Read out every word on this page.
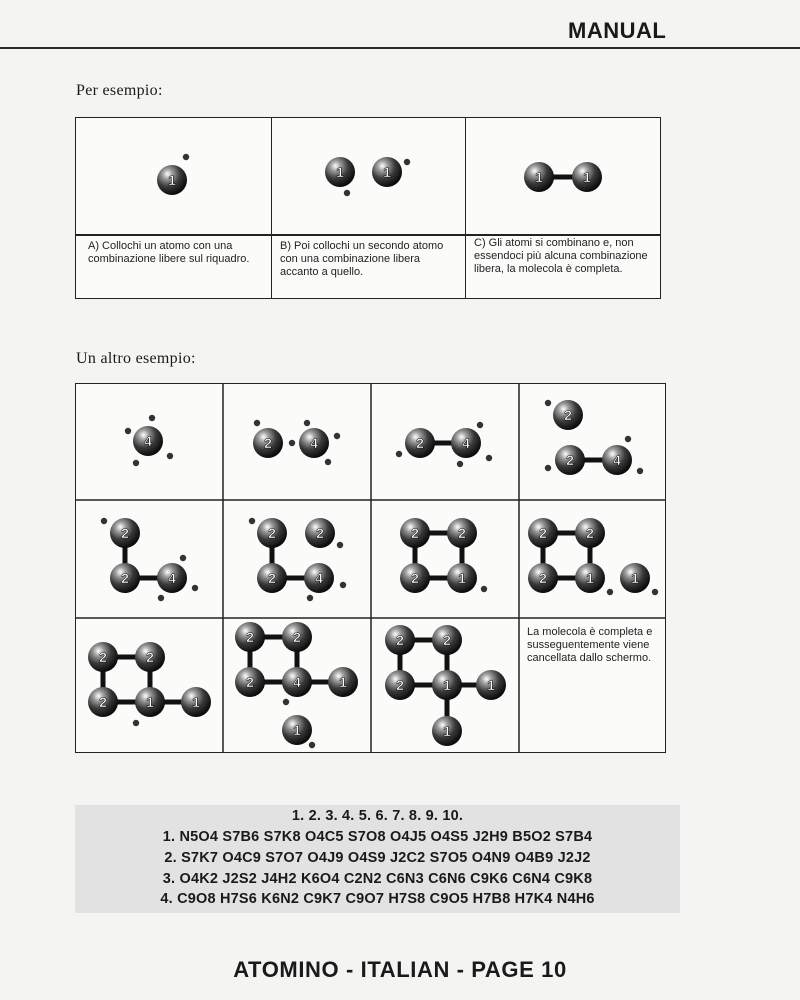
MANUAL
Per esempio:
A) Collochi un atomo con una combinazione libere sul riquadro.
B) Poi collochi un secondo atomo con una combinazione libera accanto a quello.
C) Gli atomi si combinano e, non essendoci più alcuna combinazione libera, la molecola è completa.
Un altro esempio:
La molecola è completa e susseguentemente viene cancellata dallo schermo.
1	1	1	1	1
4	2	4	2	4
2
2	4
2
2	4
2
2	4
2	2	2
2	1
2	2
2	1	1
2	2
2	1	1
2	2
2	4	1
1
2	2
2	1	1
1
1. 2. 3. 4. 5. 6. 7. 8. 9. 10.
1. N5O4 S7B6 S7K8 O4C5 S7O8 O4J5 O4S5 J2H9 B5O2 S7B4
2. S7K7 O4C9 S7O7 O4J9 O4S9 J2C2 S7O5 O4N9 O4B9 J2J2
3. O4K2 J2S2 J4H2 K6O4 C2N2 C6N3 C6N6 C9K6 C6N4 C9K8
4. C9O8 H7S6 K6N2 C9K7 C9O7 H7S8 C9O5 H7B8 H7K4 N4H6
ATOMINO - ITALIAN - PAGE 10
